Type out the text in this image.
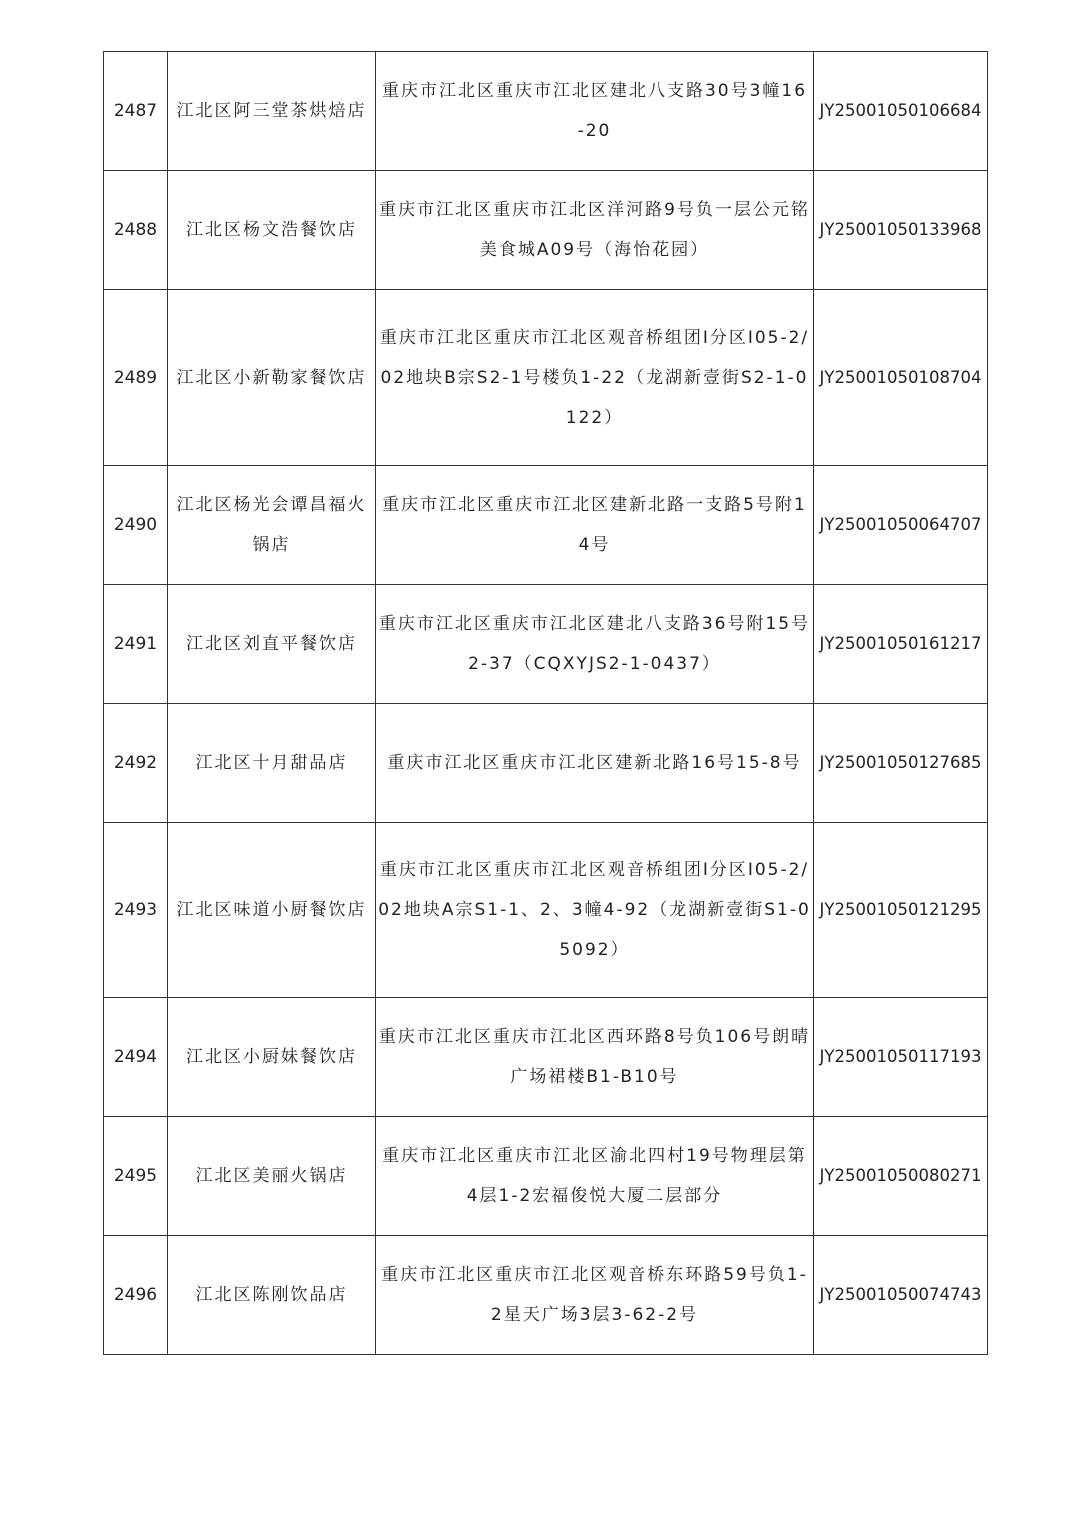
2487	江北区阿三堂茶烘焙店	重庆市江北区重庆市江北区建北八支路30号3幢16-20	JY25001050106684
2488	江北区杨文浩餐饮店	重庆市江北区重庆市江北区洋河路9号负一层公元铭美食城A09号（海怡花园）	JY25001050133968
2489	江北区小新勒家餐饮店	重庆市江北区重庆市江北区观音桥组团Ⅰ分区I05-2/02地块B宗S2-1号楼负1-22（龙湖新壹街S2-1-0122）	JY25001050108704
2490	江北区杨光会谭昌福火锅店	重庆市江北区重庆市江北区建新北路一支路5号附14号	JY25001050064707
2491	江北区刘直平餐饮店	重庆市江北区重庆市江北区建北八支路36号附15号2-37（CQXYJS2-1-0437）	JY25001050161217
2492	江北区十月甜品店	重庆市江北区重庆市江北区建新北路16号15-8号	JY25001050127685
2493	江北区味道小厨餐饮店	重庆市江北区重庆市江北区观音桥组团Ⅰ分区I05-2/02地块A宗S1-1、2、3幢4-92（龙湖新壹街S1-05092）	JY25001050121295
2494	江北区小厨妹餐饮店	重庆市江北区重庆市江北区西环路8号负106号朗晴广场裙楼B1-B10号	JY25001050117193
2495	江北区美丽火锅店	重庆市江北区重庆市江北区渝北四村19号物理层第4层1-2宏福俊悦大厦二层部分	JY25001050080271
2496	江北区陈刚饮品店	重庆市江北区重庆市江北区观音桥东环路59号负1-2星天广场3层3-62-2号	JY25001050074743
